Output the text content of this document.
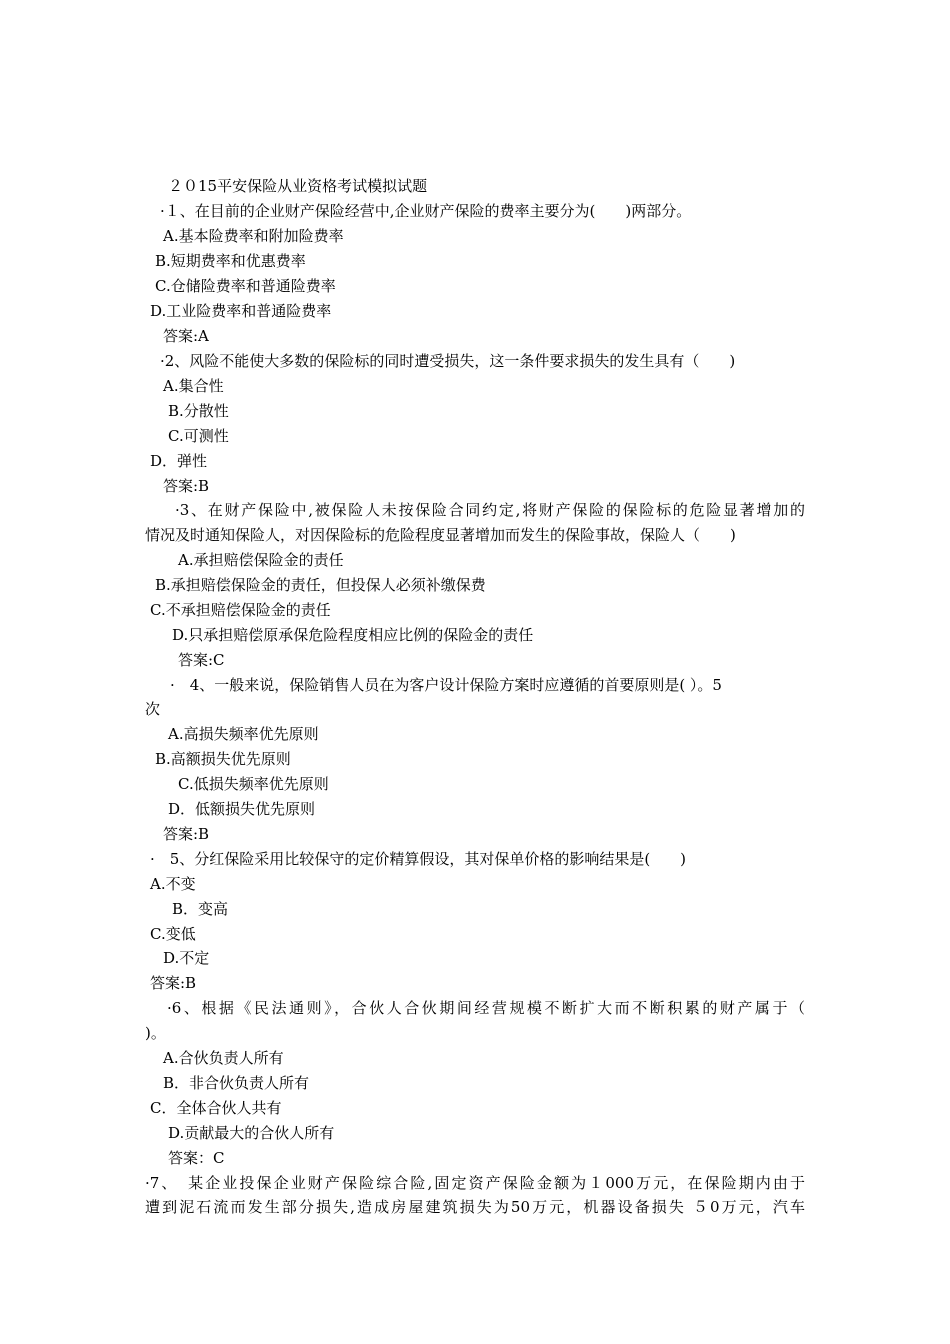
２０15平安保险从业资格考试模拟试题
·１、在目前的企业财产保险经营中,企业财产保险的费率主要分为(　　)两部分。
A.基本险费率和附加险费率
B.短期费率和优惠费率
C.仓储险费率和普通险费率
D.工业险费率和普通险费率
答案:A
·2、风险不能使大多数的保险标的同时遭受损失，这一条件要求损失的发生具有（　　)
A.集合性
B.分散性
C.可测性
D．弹性
答案:B
·3、在财产保险中,被保险人未按保险合同约定,将财产保险的保险标的危险显著增加的
情况及时通知保险人，对因保险标的危险程度显著增加而发生的保险事故，保险人（　　)
A.承担赔偿保险金的责任
B.承担赔偿保险金的责任，但投保人必须补缴保费
C.不承担赔偿保险金的责任
D.只承担赔偿原承保危险程度相应比例的保险金的责任
答案:C
·　4、一般来说，保险销售人员在为客户设计保险方案时应遵循的首要原则是( ）。5
次
A.高损失频率优先原则
B.高额损失优先原则
C.低损失频率优先原则
D．低额损失优先原则
答案:B
·　5、分红保险采用比较保守的定价精算假设，其对保单价格的影响结果是(　　)
A.不变
B．变高
C.变低
D.不定
答案:B
·6、根据《民法通则》，合伙人合伙期间经营规模不断扩大而不断积累的财产属于（
)。
A.合伙负责人所有
B．非合伙负责人所有
C．全体合伙人共有
D.贡献最大的合伙人所有
答案：C
·7、　某企业投保企业财产保险综合险,固定资产保险金额为１000万元，在保险期内由于
遭到泥石流而发生部分损失,造成房屋建筑损失为50万元，机器设备损失 ５0万元，汽车
